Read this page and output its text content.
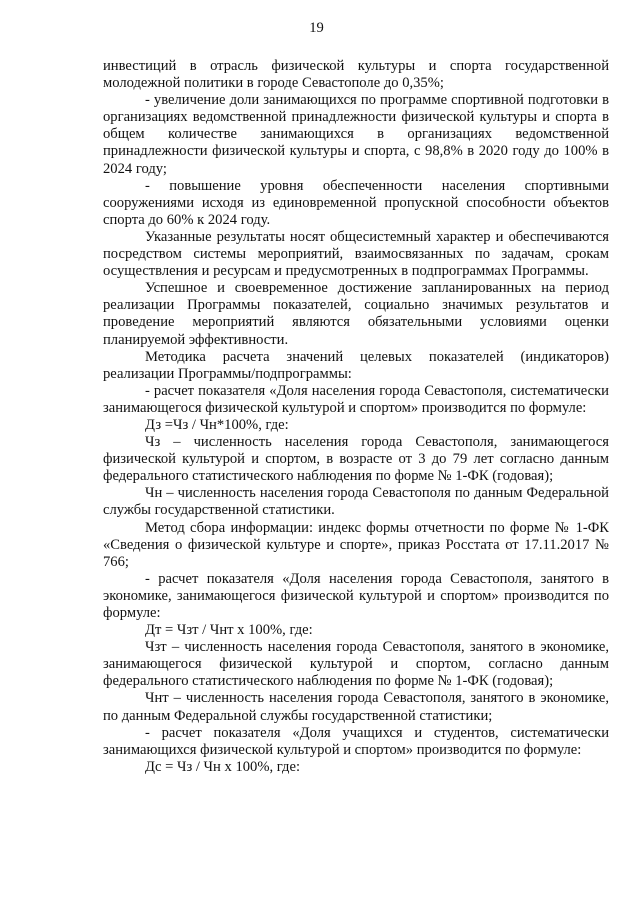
19

инвестиций в отрасль физической культуры и спорта государственной молодежной политики в городе Севастополе до 0,35%;

- увеличение доли занимающихся по программе спортивной подготовки в организациях ведомственной принадлежности физической культуры и спорта в общем количестве занимающихся в организациях ведомственной принадлежности физической культуры и спорта, с 98,8% в 2020 году до 100% в 2024 году;

- повышение уровня обеспеченности населения спортивными сооружениями исходя из единовременной пропускной способности объектов спорта до 60% к 2024 году.

Указанные результаты носят общесистемный характер и обеспечиваются посредством системы мероприятий, взаимосвязанных по задачам, срокам осуществления и ресурсам и предусмотренных в подпрограммах Программы.

Успешное и своевременное достижение запланированных на период реализации Программы показателей, социально значимых результатов и проведение мероприятий являются обязательными условиями оценки планируемой эффективности.

Методика расчета значений целевых показателей (индикаторов) реализации Программы/подпрограммы:

- расчет показателя «Доля населения города Севастополя, систематически занимающегося физической культурой и спортом» производится по формуле:

Дз =Чз / Чн*100%, где:

Чз – численность населения города Севастополя, занимающегося физической культурой и спортом, в возрасте от 3 до 79 лет согласно данным федерального статистического наблюдения по форме № 1-ФК (годовая);

Чн – численность населения города Севастополя по данным Федеральной службы государственной статистики.

Метод сбора информации: индекс формы отчетности по форме № 1-ФК «Сведения о физической культуре и спорте», приказ Росстата от 17.11.2017 № 766;

- расчет показателя «Доля населения города Севастополя, занятого в экономике, занимающегося физической культурой и спортом» производится по формуле:

Дт = Чзт / Чнт х 100%, где:

Чзт – численность населения города Севастополя, занятого в экономике, занимающегося физической культурой и спортом, согласно данным федерального статистического наблюдения по форме № 1-ФК (годовая);

Чнт – численность населения города Севастополя, занятого в экономике, по данным Федеральной службы государственной статистики;

- расчет показателя «Доля учащихся и студентов, систематически занимающихся физической культурой и спортом» производится по формуле:

Дс = Чз / Чн х 100%, где:
